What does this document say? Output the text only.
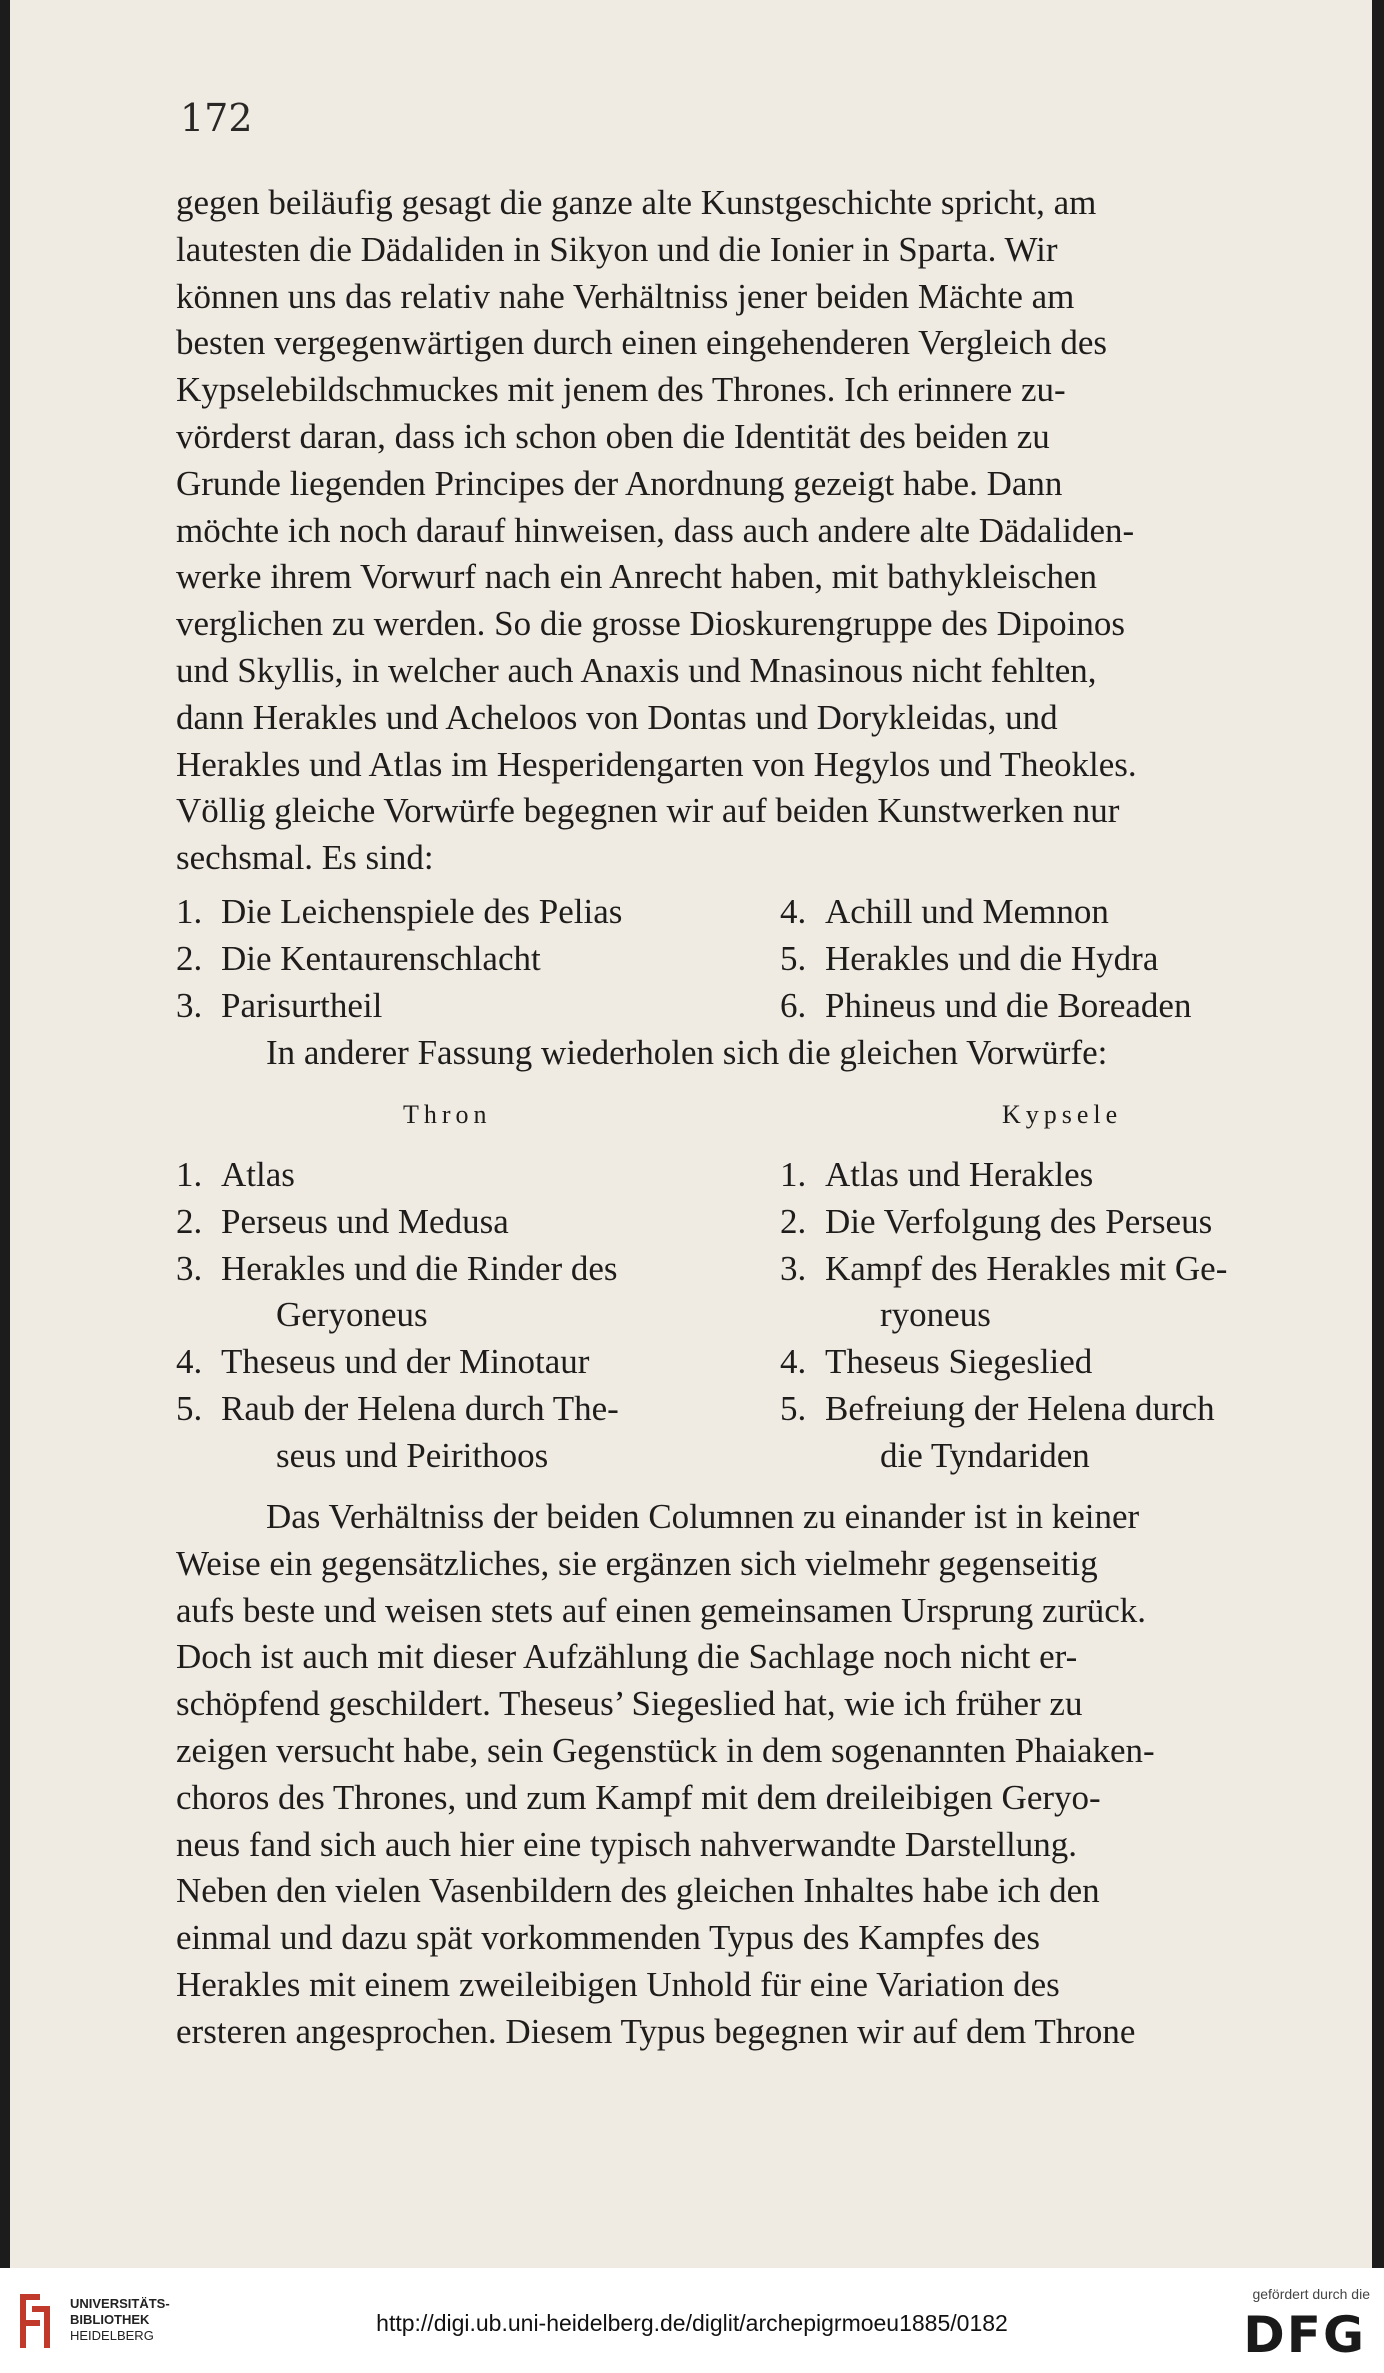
172

gegen beiläufig gesagt die ganze alte Kunstgeschichte spricht, am

lautesten die Dädaliden in Sikyon und die Ionier in Sparta. Wir

können uns das relativ nahe Verhältniss jener beiden Mächte am

besten vergegenwärtigen durch einen eingehenderen Vergleich des

Kypselebildschmuckes mit jenem des Thrones. Ich erinnere zu-

vörderst daran, dass ich schon oben die Identität des beiden zu

Grunde liegenden Principes der Anordnung gezeigt habe. Dann

möchte ich noch darauf hinweisen, dass auch andere alte Dädaliden-

werke ihrem Vorwurf nach ein Anrecht haben, mit bathykleischen

verglichen zu werden. So die grosse Dioskurengruppe des Dipoinos

und Skyllis, in welcher auch Anaxis und Mnasinous nicht fehlten,

dann Herakles und Acheloos von Dontas und Dorykleidas, und

Herakles und Atlas im Hesperidengarten von Hegylos und Theokles.

Völlig gleiche Vorwürfe begegnen wir auf beiden Kunstwerken nur

sechsmal. Es sind:

1. Die Leichenspiele des Pelias
2. Die Kentaurenschlacht
3. Parisurtheil
4. Achill und Memnon
5. Herakles und die Hydra
6. Phineus und die Boreaden
In anderer Fassung wiederholen sich die gleichen Vorwürfe:
Thron	Kypsele
1. Atlas
2. Perseus und Medusa
3. Herakles und die Rinder des
Geryoneus
4. Theseus und der Minotaur
5. Raub der Helena durch The-
seus und Peirithoos
1. Atlas und Herakles
2. Die Verfolgung des Perseus
3. Kampf des Herakles mit Ge-
ryoneus
4. Theseus Siegeslied
5. Befreiung der Helena durch
die Tyndariden

Das Verhältniss der beiden Columnen zu einander ist in keiner

Weise ein gegensätzliches, sie ergänzen sich vielmehr gegenseitig

aufs beste und weisen stets auf einen gemeinsamen Ursprung zurück.

Doch ist auch mit dieser Aufzählung die Sachlage noch nicht er-

schöpfend geschildert. Theseus’ Siegeslied hat, wie ich früher zu

zeigen versucht habe, sein Gegenstück in dem sogenannten Phaiaken-

choros des Thrones, und zum Kampf mit dem dreileibigen Geryo-

neus fand sich auch hier eine typisch nahverwandte Darstellung.

Neben den vielen Vasenbildern des gleichen Inhaltes habe ich den

einmal und dazu spät vorkommenden Typus des Kampfes des

Herakles mit einem zweileibigen Unhold für eine Variation des

ersteren angesprochen. Diesem Typus begegnen wir auf dem Throne

UNIVERSITÄTS-
BIBLIOTHEK
HEIDELBERG	http://digi.ub.uni-heidelberg.de/diglit/archepigrmoeu1885/0182
gefördert durch die
DFG
